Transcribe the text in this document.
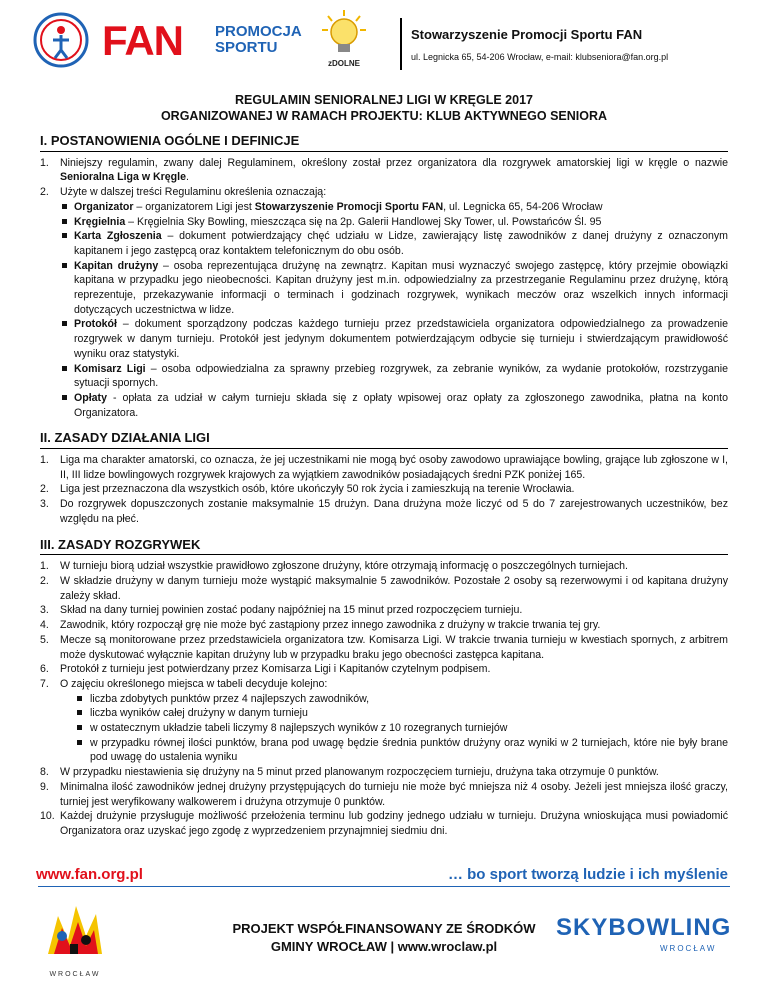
FAN PROMOCJA
SPORTU
zDOLNE
Stowarzyszenie Promocji Sportu FAN
ul. Legnicka 65, 54-206 Wrocław, e-mail: klubseniora@fan.org.pl
REGULAMIN SENIORALNEJ LIGI W KRĘGLE 2017
ORGANIZOWANEJ W RAMACH PROJEKTU: KLUB AKTYWNEGO SENIORA
I. POSTANOWIENIA OGÓLNE I DEFINICJE
1.	Niniejszy regulamin, zwany dalej Regulaminem, określony został przez organizatora dla rozgrywek amatorskiej ligi w kręgle o nazwie Senioralna Liga w Kręgle.
2.	Użyte w dalszej treści Regulaminu określenia oznaczają:
Organizator – organizatorem Ligi jest Stowarzyszenie Promocji Sportu FAN, ul. Legnicka 65, 54-206 Wrocław
Kręgielnia – Kręgielnia Sky Bowling, mieszcząca się na 2p. Galerii Handlowej Sky Tower, ul. Powstańców Śl. 95
Karta Zgłoszenia – dokument potwierdzający chęć udziału w Lidze, zawierający listę zawodników z danej drużyny z oznaczonym kapitanem i jego zastępcą oraz kontaktem telefonicznym do obu osób.
Kapitan drużyny – osoba reprezentująca drużynę na zewnątrz. Kapitan musi wyznaczyć swojego zastępcę, który przejmie obowiązki kapitana w przypadku jego nieobecności. Kapitan drużyny jest m.in. odpowiedzialny za przestrzeganie Regulaminu przez drużynę, którą reprezentuje, przekazywanie informacji o terminach i godzinach rozgrywek, wynikach meczów oraz wszelkich innych informacji dotyczących uczestnictwa w lidze.
Protokół – dokument sporządzony podczas każdego turnieju przez przedstawiciela organizatora odpowiedzialnego za prowadzenie rozgrywek w danym turnieju. Protokół jest jedynym dokumentem potwierdzającym odbycie się turnieju i stwierdzającym prawidłowość wyniku oraz statystyki.
Komisarz Ligi – osoba odpowiedzialna za sprawny przebieg rozgrywek, za zebranie wyników, za wydanie protokołów, rozstrzyganie sytuacji spornych.
Opłaty - opłata za udział w całym turnieju składa się z opłaty wpisowej oraz opłaty za zgłoszonego zawodnika, płatna na konto Organizatora.
II. ZASADY DZIAŁANIA LIGI
1.	Liga ma charakter amatorski, co oznacza, że jej uczestnikami nie mogą być osoby zawodowo uprawiające bowling, grające lub zgłoszone w I, II, III lidze bowlingowych rozgrywek krajowych za wyjątkiem zawodników posiadających średni PZK poniżej 165.
2.	Liga jest przeznaczona dla wszystkich osób, które ukończyły 50 rok życia i zamieszkują na terenie Wrocławia.
3.	Do rozgrywek dopuszczonych zostanie maksymalnie 15 drużyn. Dana drużyna może liczyć od 5 do 7 zarejestrowanych uczestników, bez względu na płeć.
III. ZASADY ROZGRYWEK
1.	W turnieju biorą udział wszystkie prawidłowo zgłoszone drużyny, które otrzymają informację o poszczególnych turniejach.
2.	W składzie drużyny w danym turnieju może wystąpić maksymalnie 5 zawodników. Pozostałe 2 osoby są rezerwowymi i od kapitana drużyny zależy skład.
3.	Skład na dany turniej powinien zostać podany najpóźniej na 15 minut przed rozpoczęciem turnieju.
4.	Zawodnik, który rozpoczął grę nie może być zastąpiony przez innego zawodnika z drużyny w trakcie trwania tej gry.
5.	Mecze są monitorowane przez przedstawiciela organizatora tzw. Komisarza Ligi. W trakcie trwania turnieju w kwestiach spornych, z arbitrem może dyskutować wyłącznie kapitan drużyny lub w przypadku braku jego obecności zastępca kapitana.
6.	Protokół z turnieju jest potwierdzany przez Komisarza Ligi i Kapitanów czytelnym podpisem.
7.	O zajęciu określonego miejsca w tabeli decyduje kolejno:
liczba zdobytych punktów przez 4 najlepszych zawodników,
liczba wyników całej drużyny w danym turnieju
w ostatecznym układzie tabeli liczymy 8 najlepszych wyników z 10 rozegranych turniejów
w przypadku równej ilości punktów, brana pod uwagę będzie średnia punktów drużyny oraz wyniki w 2 turniejach, które nie były brane pod uwagę do ustalenia wyniku
8.	W przypadku niestawienia się drużyny na 5 minut przed planowanym rozpoczęciem turnieju, drużyna taka otrzymuje 0 punktów.
9.	Minimalna ilość zawodników jednej drużyny przystępujących do turnieju nie może być mniejsza niż 4 osoby. Jeżeli jest mniejsza ilość graczy, turniej jest weryfikowany walkowerem i drużyna otrzymuje 0 punktów.
10. Każdej drużynie przysługuje możliwość przełożenia terminu lub godziny jednego udziału w turnieju. Drużyna wnioskująca musi powiadomić Organizatora oraz uzyskać jego zgodę z wyprzedzeniem przynajmniej siedmiu dni.
www.fan.org.pl	… bo sport tworzą ludzie i ich myślenie
WROCŁAW
PROJEKT WSPÓŁFINANSOWANY ZE ŚRODKÓW
GMINY WROCŁAW | www.wroclaw.pl
SKYBOWLING
WROCŁAW
